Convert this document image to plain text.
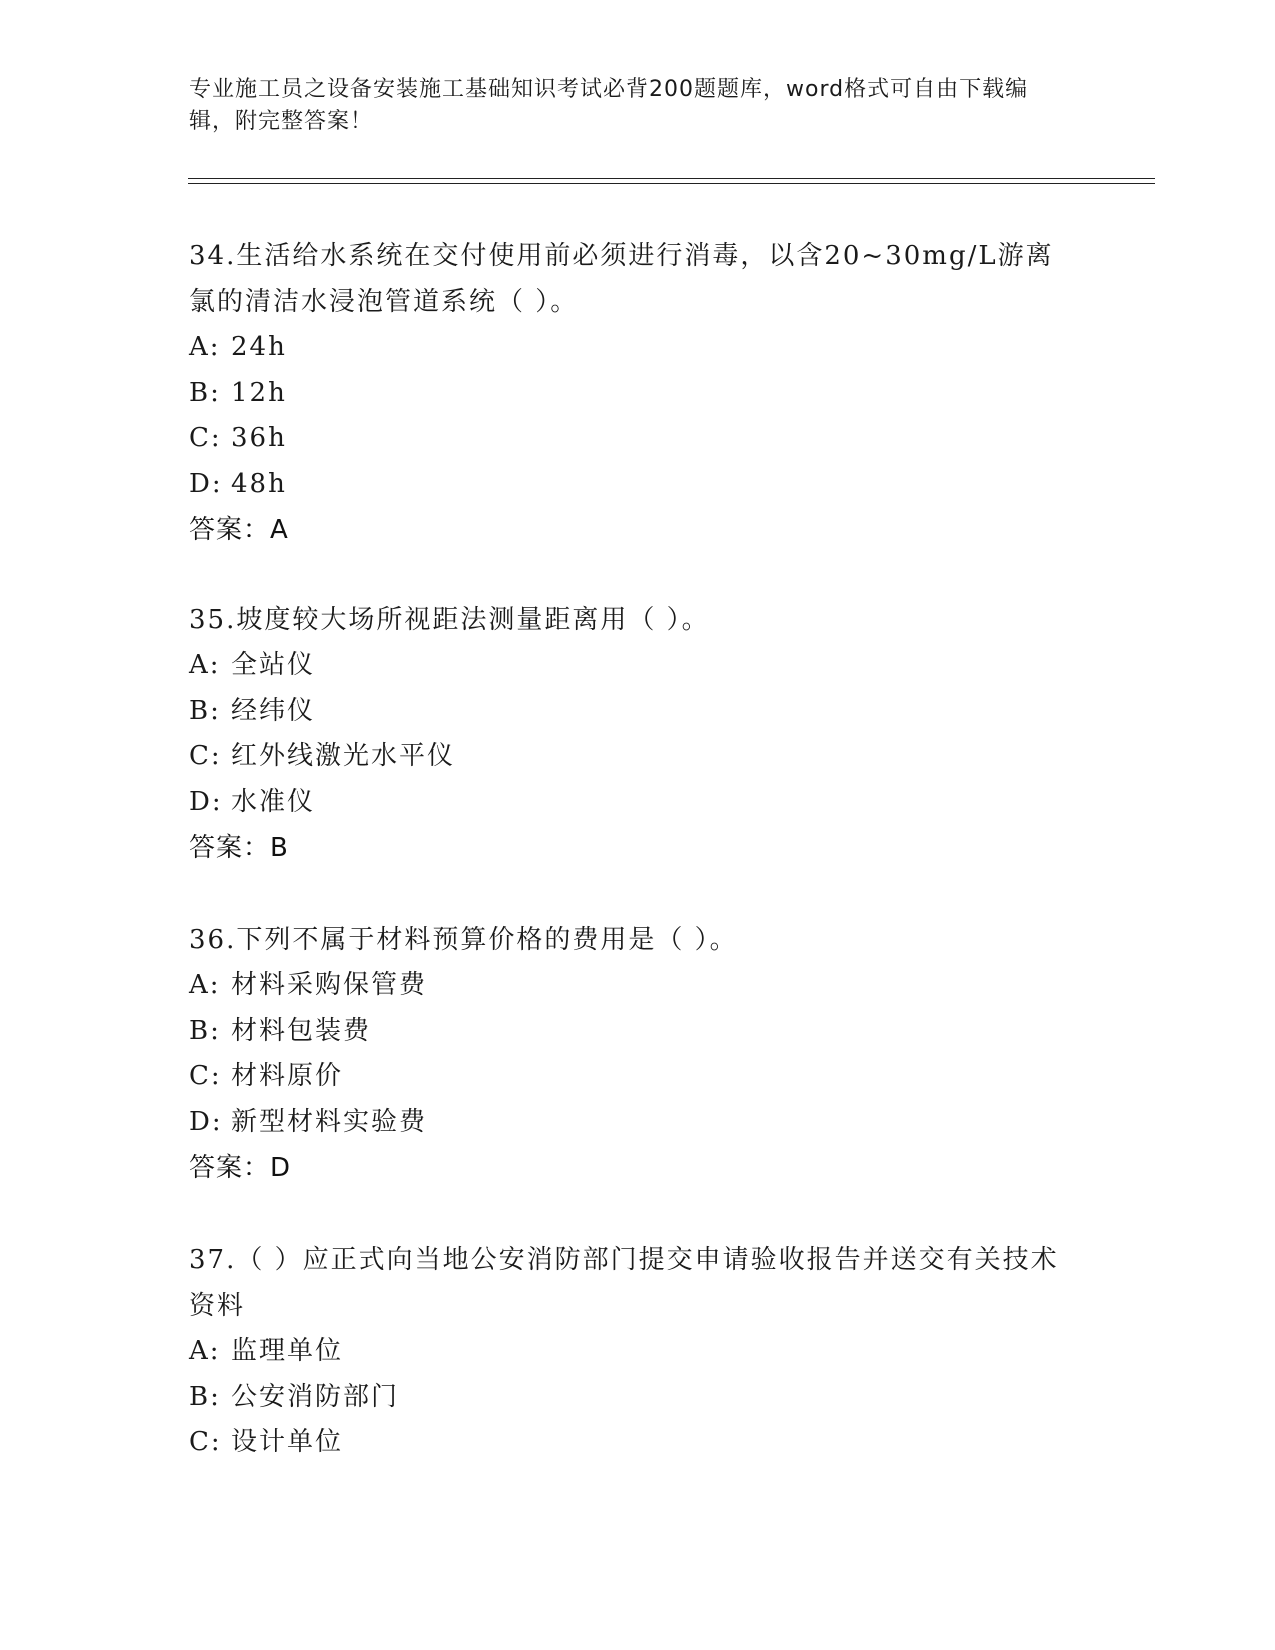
专业施工员之设备安装施工基础知识考试必背200题题库，word格式可自由下载编辑，附完整答案！
34.生活给水系统在交付使用前必须进行消毒，以含20~30mg/L游离氯的清洁水浸泡管道系统（ ）。
A: 24h
B: 12h
C: 36h
D: 48h
答案：A
35.坡度较大场所视距法测量距离用（ ）。
A: 全站仪
B: 经纬仪
C: 红外线激光水平仪
D: 水准仪
答案：B
36.下列不属于材料预算价格的费用是（ ）。
A: 材料采购保管费
B: 材料包装费
C: 材料原价
D: 新型材料实验费
答案：D
37.（ ）应正式向当地公安消防部门提交申请验收报告并送交有关技术资料
A: 监理单位
B: 公安消防部门
C: 设计单位
